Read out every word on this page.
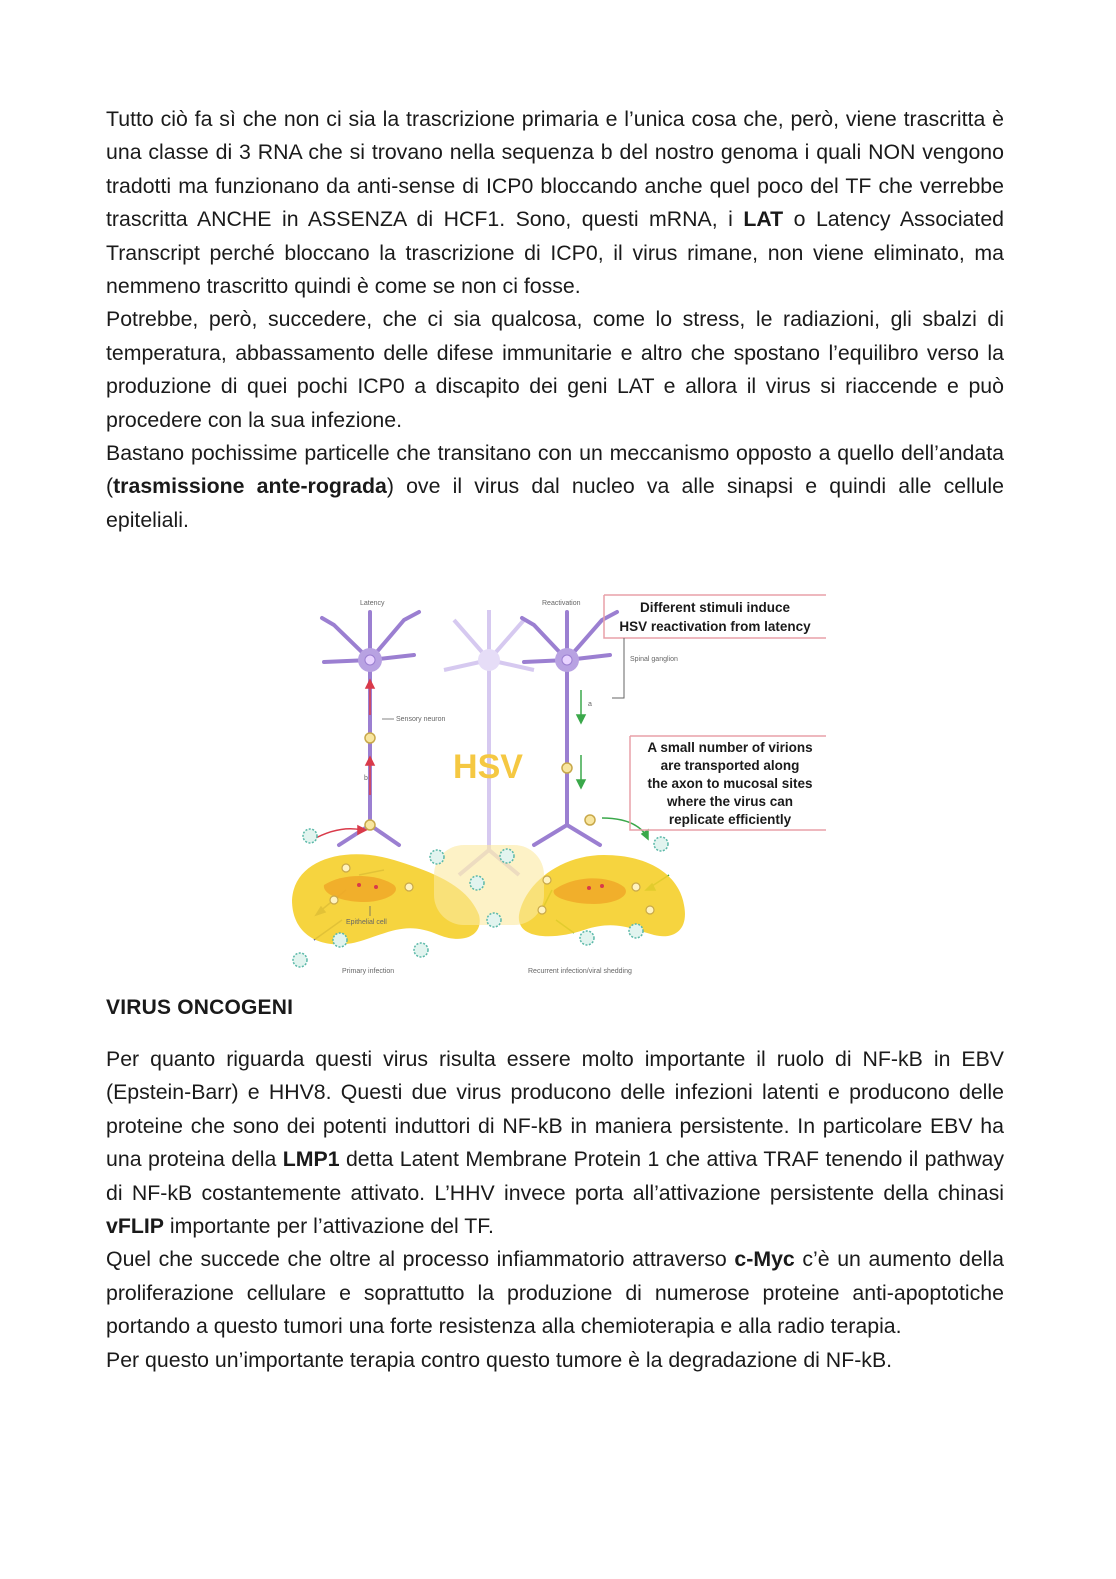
Tutto ciò fa sì che non ci sia la trascrizione primaria e l’unica cosa che, però, viene trascritta è una classe di 3 RNA che si trovano nella sequenza b del nostro genoma i quali NON vengono tradotti ma funzionano da anti-sense di ICP0 bloccando anche quel poco del TF che verrebbe trascritta ANCHE in ASSENZA di HCF1. Sono, questi mRNA, i LAT o Latency Associated Transcript perché bloccano la trascrizione di ICP0, il virus rimane, non viene eliminato, ma nemmeno trascritto quindi è come se non ci fosse.

Potrebbe, però, succedere, che ci sia qualcosa, come lo stress, le radiazioni, gli sbalzi di temperatura, abbassamento delle difese immunitarie e altro che spostano l’equilibro verso la produzione di quei pochi ICP0 a discapito dei geni LAT e allora il virus si riaccende e può procedere con la sua infezione.

Bastano pochissime particelle che transitano con un meccanismo opposto a quello dell’andata (trasmissione ante-rograda) ove il virus dal nucleo va alle sinapsi e quindi alle cellule epiteliali.

HSV
b
a
Latency	Reactivation
Spinal ganglion
Sensory neuron
Epithelial cell
Primary infection	Recurrent infection/viral shedding
Different stimuli induce
HSV reactivation from latency
A small number of virions
are transported along
the axon to mucosal sites
where the virus can
replicate efficiently
VIRUS ONCOGENI

Per quanto riguarda questi virus risulta essere molto importante il ruolo di NF-kB in EBV (Epstein-Barr) e HHV8. Questi due virus producono delle infezioni latenti e producono delle proteine che sono dei potenti induttori di NF-kB in maniera persistente. In particolare EBV ha una proteina della LMP1 detta Latent Membrane Protein 1 che attiva TRAF tenendo il pathway di NF-kB costantemente attivato. L’HHV invece porta all’attivazione persistente della chinasi vFLIP importante per l’attivazione del TF.

Quel che succede che oltre al processo infiammatorio attraverso c-Myc c’è un aumento della proliferazione cellulare e soprattutto la produzione di numerose proteine anti-apoptotiche portando a questo tumori una forte resistenza alla chemioterapia e alla radio terapia.

Per questo un’importante terapia contro questo tumore è la degradazione di NF-kB.
